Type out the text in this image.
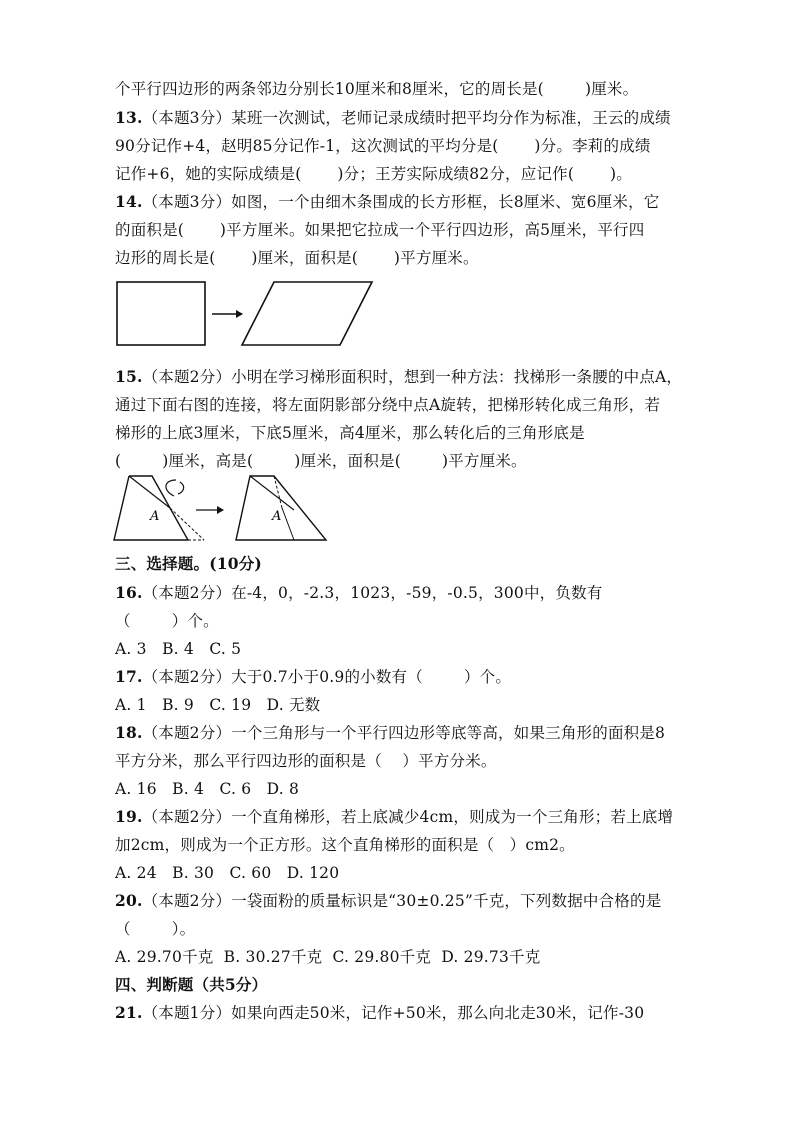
个平行四边形的两条邻边分别长10厘米和8厘米，它的周长是(        )厘米。
13.（本题3分）某班一次测试，老师记录成绩时把平均分作为标准，王云的成绩
90分记作+4，赵明85分记作-1，这次测试的平均分是(       )分。李莉的成绩
记作+6，她的实际成绩是(       )分；王芳实际成绩82分，应记作(       )。
14.（本题3分）如图，一个由细木条围成的长方形框，长8厘米、宽6厘米，它
的面积是(       )平方厘米。如果把它拉成一个平行四边形，高5厘米，平行四
边形的周长是(       )厘米，面积是(       )平方厘米。
15.（本题2分）小明在学习梯形面积时，想到一种方法：找梯形一条腰的中点A，
通过下面右图的连接，将左面阴影部分绕中点A旋转，把梯形转化成三角形，若
梯形的上底3厘米，下底5厘米，高4厘米，那么转化后的三角形底是
(        )厘米，高是(        )厘米，面积是(        )平方厘米。
A	A
三、选择题。(10分)
16.（本题2分）在-4，0，-2.3，1023，-59，-0.5，300中，负数有
（        ）个。
A. 3   B. 4   C. 5
17.（本题2分）大于0.7小于0.9的小数有（        ）个。
A. 1   B. 9   C. 19   D. 无数
18.（本题2分）一个三角形与一个平行四边形等底等高，如果三角形的面积是8
平方分米，那么平行四边形的面积是（    ）平方分米。
A. 16   B. 4   C. 6   D. 8
19.（本题2分）一个直角梯形，若上底减少4cm，则成为一个三角形；若上底增
加2cm，则成为一个正方形。这个直角梯形的面积是（   ）cm2。
A. 24   B. 30   C. 60   D. 120
20.（本题2分）一袋面粉的质量标识是“30±0.25”千克，下列数据中合格的是
（        ）。
A. 29.70千克  B. 30.27千克  C. 29.80千克  D. 29.73千克
四、判断题（共5分）
21.（本题1分）如果向西走50米，记作+50米，那么向北走30米，记作-30
